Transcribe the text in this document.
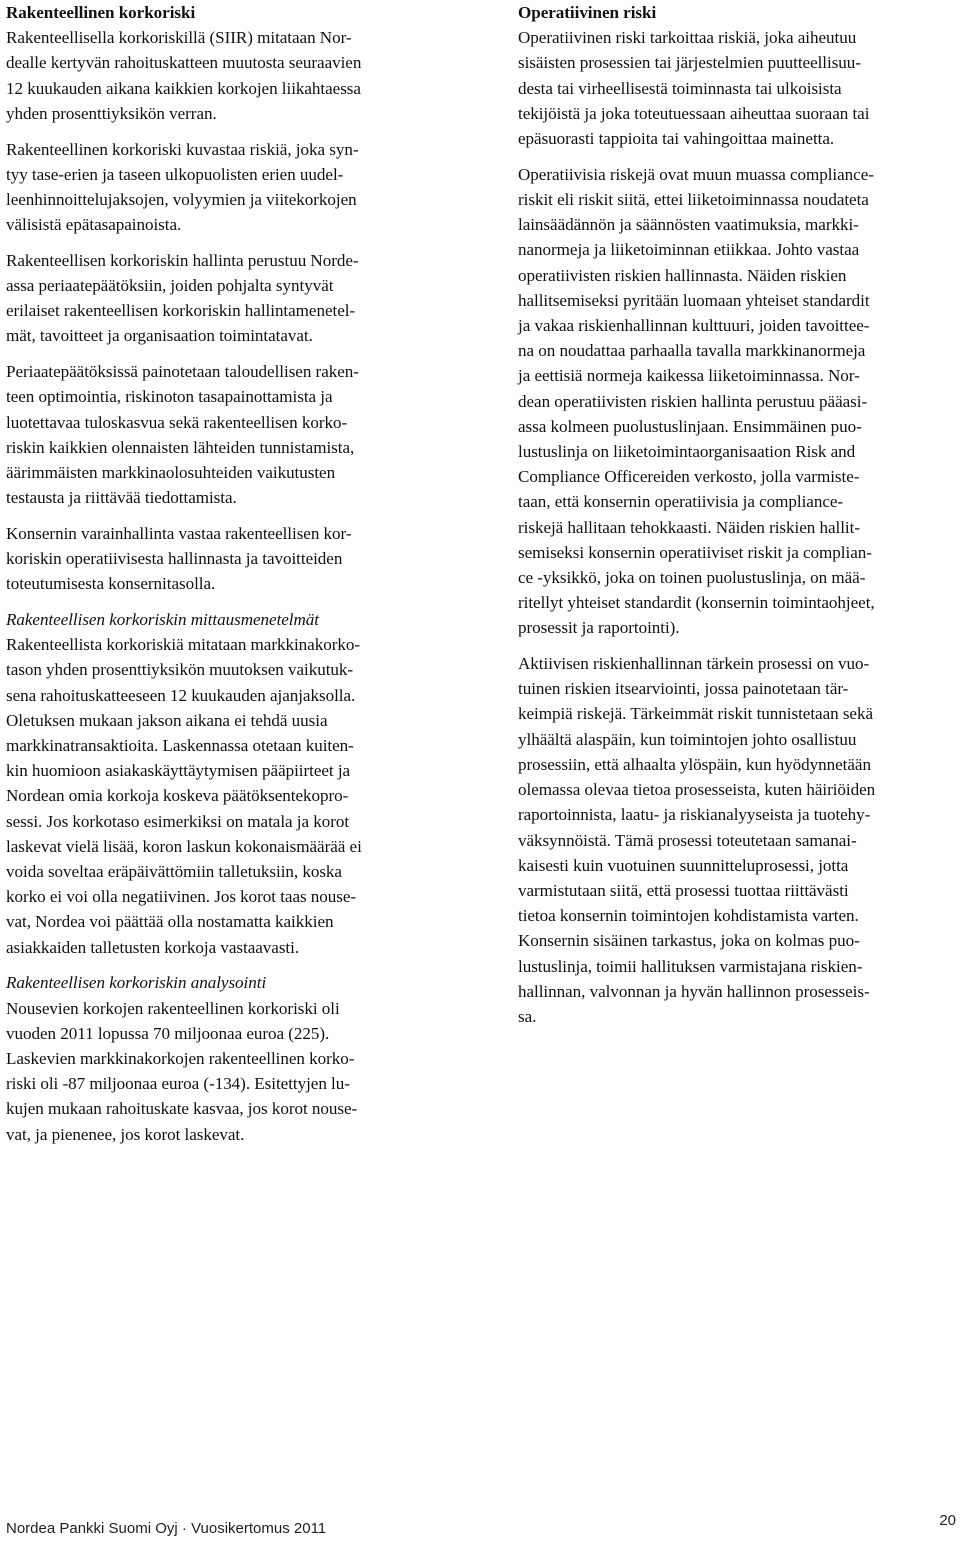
Rakenteellinen korkoriski
Rakenteellisella korkoriskillä (SIIR) mitataan Nor-
dealle kertyvän rahoituskatteen muutosta seuraavien
12 kuukauden aikana kaikkien korkojen liikahtaessa
yhden prosenttiyksikön verran.
Rakenteellinen korkoriski kuvastaa riskiä, joka syn-
tyy tase-erien ja taseen ulkopuolisten erien uudel-
leenhinnoittelujaksojen, volyymien ja viitekorkojen
välisistä epätasapainoista.
Rakenteellisen korkoriskin hallinta perustuu Norde-
assa periaatepäätöksiin, joiden pohjalta syntyvät
erilaiset rakenteellisen korkoriskin hallintamenetel-
mät, tavoitteet ja organisaation toimintatavat.
Periaatepäätöksissä painotetaan taloudellisen raken-
teen optimointia, riskinoton tasapainottamista ja
luotettavaa tuloskasvua sekä rakenteellisen korko-
riskin kaikkien olennaisten lähteiden tunnistamista,
äärimmäisten markkinaolosuhteiden vaikutusten
testausta ja riittävää tiedottamista.
Konsernin varainhallinta vastaa rakenteellisen kor-
koriskin operatiivisesta hallinnasta ja tavoitteiden
toteutumisesta konsernitasolla.
Rakenteellisen korkoriskin mittausmenetelmät
Rakenteellista korkoriskiä mitataan markkinakorko-
tason yhden prosenttiyksikön muutoksen vaikutuk-
sena rahoituskatteeseen 12 kuukauden ajanjaksolla.
Oletuksen mukaan jakson aikana ei tehdä uusia
markkinatransaktioita. Laskennassa otetaan kuiten-
kin huomioon asiakaskäyttäytymisen pääpiirteet ja
Nordean omia korkoja koskeva päätöksentekopro-
sessi. Jos korkotaso esimerkiksi on matala ja korot
laskevat vielä lisää, koron laskun kokonaismäärää ei
voida soveltaa eräpäivättömiin talletuksiin, koska
korko ei voi olla negatiivinen. Jos korot taas nouse-
vat, Nordea voi päättää olla nostamatta kaikkien
asiakkaiden talletusten korkoja vastaavasti.
Rakenteellisen korkoriskin analysointi
Nousevien korkojen rakenteellinen korkoriski oli
vuoden 2011 lopussa 70 miljoonaa euroa (225).
Laskevien markkinakorkojen rakenteellinen korko-
riski oli -87 miljoonaa euroa (-134). Esitettyjen lu-
kujen mukaan rahoituskate kasvaa, jos korot nouse-
vat, ja pienenee, jos korot laskevat.
Operatiivinen riski
Operatiivinen riski tarkoittaa riskiä, joka aiheutuu
sisäisten prosessien tai järjestelmien puutteellisuu-
desta tai virheellisestä toiminnasta tai ulkoisista
tekijöistä ja joka toteutuessaan aiheuttaa suoraan tai
epäsuorasti tappioita tai vahingoittaa mainetta.
Operatiivisia riskejä ovat muun muassa compliance-
riskit eli riskit siitä, ettei liiketoiminnassa noudateta
lainsäädännön ja säännösten vaatimuksia, markki-
nanormeja ja liiketoiminnan etiikkaa. Johto vastaa
operatiivisten riskien hallinnasta. Näiden riskien
hallitsemiseksi pyritään luomaan yhteiset standardit
ja vakaa riskienhallinnan kulttuuri, joiden tavoittee-
na on noudattaa parhaalla tavalla markkinanormeja
ja eettisiä normeja kaikessa liiketoiminnassa. Nor-
dean operatiivisten riskien hallinta perustuu pääasi-
assa kolmeen puolustuslinjaan. Ensimmäinen puo-
lustuslinja on liiketoimintaorganisaation Risk and
Compliance Officereiden verkosto, jolla varmiste-
taan, että konsernin operatiivisia ja compliance-
riskejä hallitaan tehokkaasti. Näiden riskien hallit-
semiseksi konsernin operatiiviset riskit ja complian-
ce -yksikkö, joka on toinen puolustuslinja, on mää-
ritellyt yhteiset standardit (konsernin toimintaohjeet,
prosessit ja raportointi).
Aktiivisen riskienhallinnan tärkein prosessi on vuo-
tuinen riskien itsearviointi, jossa painotetaan tär-
keimpiä riskejä. Tärkeimmät riskit tunnistetaan sekä
ylhäältä alaspäin, kun toimintojen johto osallistuu
prosessiin, että alhaalta ylöspäin, kun hyödynnetään
olemassa olevaa tietoa prosesseista, kuten häiriöiden
raportoinnista, laatu- ja riskianalyyseista ja tuotehy-
väksynnöistä. Tämä prosessi toteutetaan samanai-
kaisesti kuin vuotuinen suunnitteluprosessi, jotta
varmistutaan siitä, että prosessi tuottaa riittävästi
tietoa konsernin toimintojen kohdistamista varten.
Konsernin sisäinen tarkastus, joka on kolmas puo-
lustuslinja, toimii hallituksen varmistajana riskien-
hallinnan, valvonnan ja hyvän hallinnon prosesseis-
sa.
Nordea Pankki Suomi Oyj · Vuosikertomus 2011	20
